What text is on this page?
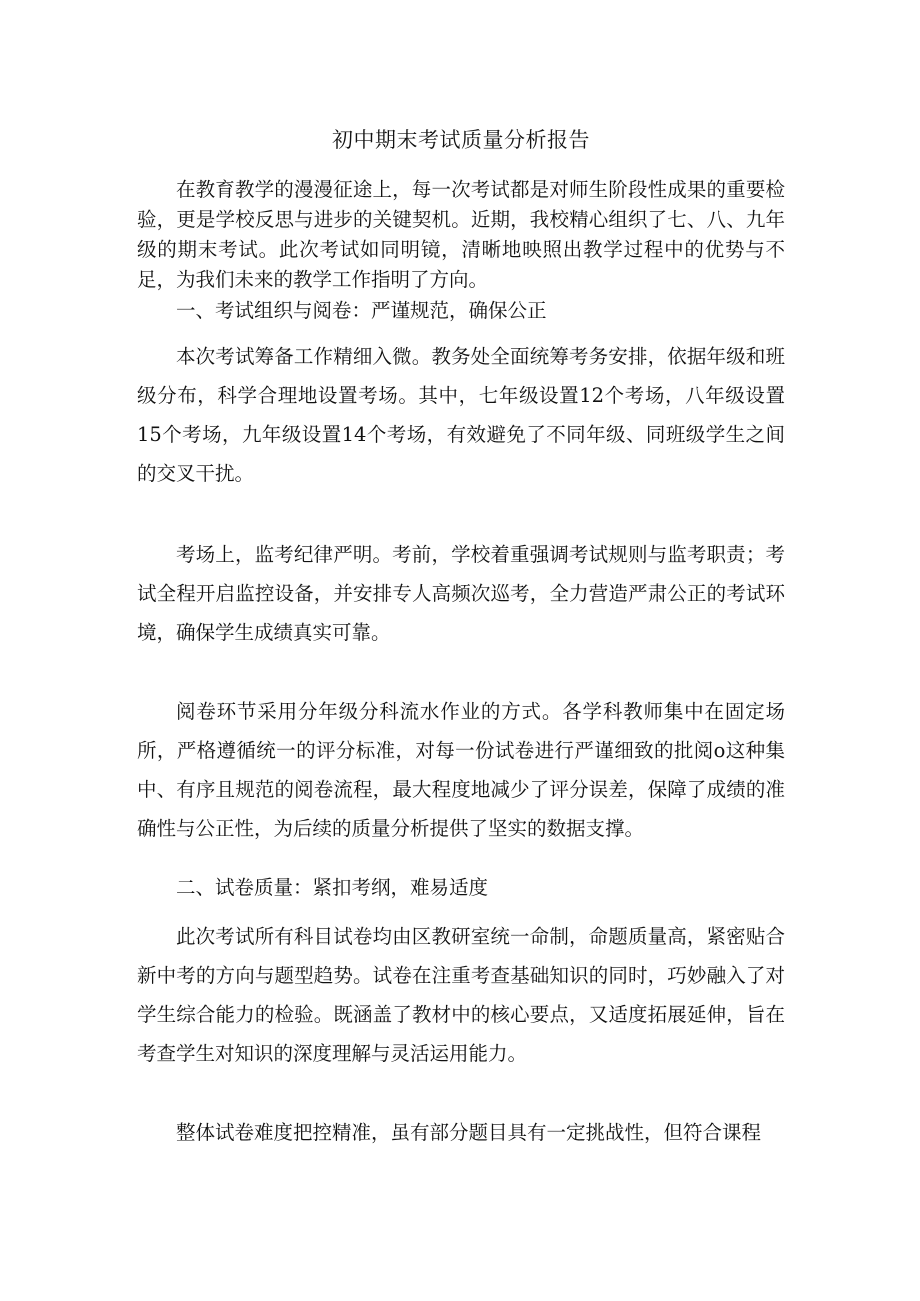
初中期末考试质量分析报告

在教育教学的漫漫征途上，每一次考试都是对师生阶段性成果的重要检验，更是学校反思与进步的关键契机。近期，我校精心组织了七、八、九年级的期末考试。此次考试如同明镜，清晰地映照出教学过程中的优势与不足，为我们未来的教学工作指明了方向。

一、考试组织与阅卷：严谨规范，确保公正

本次考试筹备工作精细入微。教务处全面统筹考务安排，依据年级和班级分布，科学合理地设置考场。其中，七年级设置12个考场，八年级设置15个考场，九年级设置14个考场，有效避免了不同年级、同班级学生之间的交叉干扰。

考场上，监考纪律严明。考前，学校着重强调考试规则与监考职责；考试全程开启监控设备，并安排专人高频次巡考，全力营造严肃公正的考试环境，确保学生成绩真实可靠。

阅卷环节采用分年级分科流水作业的方式。各学科教师集中在固定场所，严格遵循统一的评分标准，对每一份试卷进行严谨细致的批阅o这种集中、有序且规范的阅卷流程，最大程度地减少了评分误差，保障了成绩的准确性与公正性，为后续的质量分析提供了坚实的数据支撑。

二、试卷质量：紧扣考纲，难易适度

此次考试所有科目试卷均由区教研室统一命制，命题质量高，紧密贴合新中考的方向与题型趋势。试卷在注重考查基础知识的同时，巧妙融入了对学生综合能力的检验。既涵盖了教材中的核心要点，又适度拓展延伸，旨在考查学生对知识的深度理解与灵活运用能力。

整体试卷难度把控精准，虽有部分题目具有一定挑战性，但符合课程
